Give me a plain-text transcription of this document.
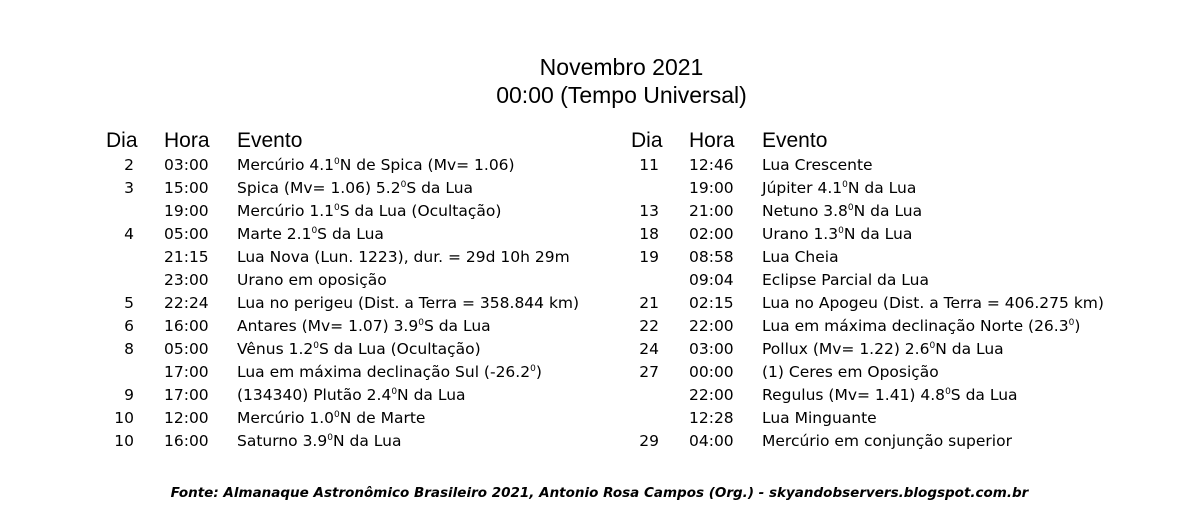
Novembro 2021
00:00 (Tempo Universal)
Dia	Hora	Evento
2	03:00	Mercúrio $4.1^0N$ de Spica (Mv= 1.06)
3	15:00	Spica (Mv= 1.06) $5.2^0S$ da Lua
19:00	Mercúrio $1.1^0S$ da Lua (Ocultação)
4	05:00	Marte $2.1^0S$ da Lua
21:15	Lua Nova (Lun. 1223), dur. = 29d 10h 29m
23:00	Urano em oposição
5	22:24	Lua no perigeu (Dist. a Terra = 358.844 km)
6	16:00	Antares (Mv= 1.07) $3.9^0S$ da Lua
8	05:00	Vênus $1.2^0S$ da Lua (Ocultação)
17:00	Lua em máxima declinação Sul (-26.2$^0$)
9	17:00	(134340) Plutão $2.4^0N$ da Lua
10	12:00	Mercúrio $1.0^0N$ de Marte
10	16:00	Saturno $3.9^0N$ da Lua
Dia	Hora	Evento
11	12:46	Lua Crescente
19:00	Júpiter $4.1^0N$ da Lua
13	21:00	Netuno $3.8^0N$ da Lua
18	02:00	Urano $1.3^0N$ da Lua
19	08:58	Lua Cheia
09:04	Eclipse Parcial da Lua
21	02:15	Lua no Apogeu (Dist. a Terra = 406.275 km)
22	22:00	Lua em máxima declinação Norte (26.3$^0$)
24	03:00	Pollux (Mv= 1.22) $2.6^0N$ da Lua
27	00:00	(1) Ceres em Oposição
22:00	Regulus (Mv= 1.41) $4.8^0S$ da Lua
12:28	Lua Minguante
29	04:00	Mercúrio em conjunção superior
Fonte: Almanaque Astronômico Brasileiro 2021, Antonio Rosa Campos (Org.) - skyandobservers.blogspot.com.br
